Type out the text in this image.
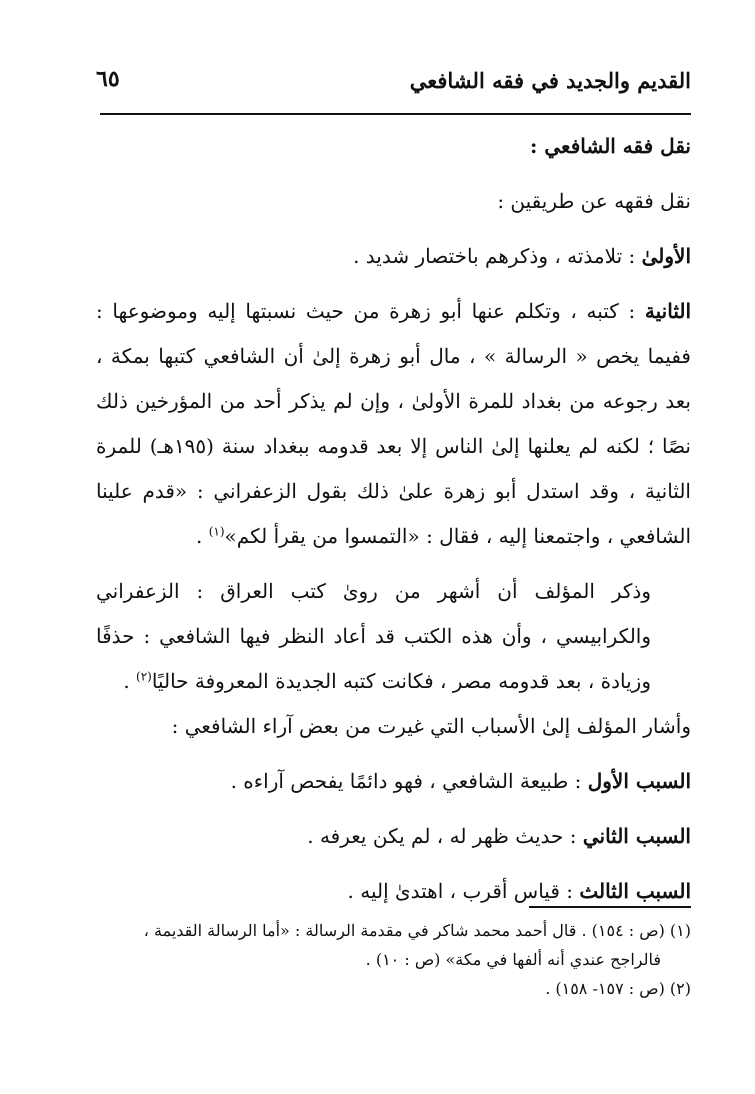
القديم والجديد في فقه الشافعي
٦٥

نقل فقه الشافعي :

نقل فقهه عن طريقين :

الأولىٰ : تلامذته ، وذكرهم باختصار شديد .

الثانية : كتبه ، وتكلم عنها أبو زهرة من حيث نسبتها إليه وموضوعها : ففيما يخص « الرسالة » ، مال أبو زهرة إلىٰ أن الشافعي كتبها بمكة ، بعد رجوعه من بغداد للمرة الأولىٰ ، وإن لم يذكر أحد من المؤرخين ذلك نصًا ؛ لكنه لم يعلنها إلىٰ الناس إلا بعد قدومه ببغداد سنة (١٩٥هـ) للمرة الثانية ، وقد استدل أبو زهرة علىٰ ذلك بقول الزعفراني : «قدم علينا الشافعي ، واجتمعنا إليه ، فقال : «التمسوا من يقرأ لكم»$^{(١)}$ .

وذكر المؤلف أن أشهر من روىٰ كتب العراق : الزعفراني والكرابيسي ، وأن هذه الكتب قد أعاد النظر فيها الشافعي : حذفًا وزيادة ، بعد قدومه مصر ، فكانت كتبه الجديدة المعروفة حاليًا$^{(٢)}$ .

وأشار المؤلف إلىٰ الأسباب التي غيرت من بعض آراء الشافعي :

السبب الأول : طبيعة الشافعي ، فهو دائمًا يفحص آراءه .

السبب الثاني : حديث ظهر له ، لم يكن يعرفه .

السبب الثالث : قياس أقرب ، اهتدىٰ إليه .

(١) (ص : ١٥٤) . قال أحمد محمد شاكر في مقدمة الرسالة : «أما الرسالة القديمة ،

فالراجح عندي أنه ألفها في مكة» (ص : ١٠) .

(٢) (ص : ١٥٧- ١٥٨) .
